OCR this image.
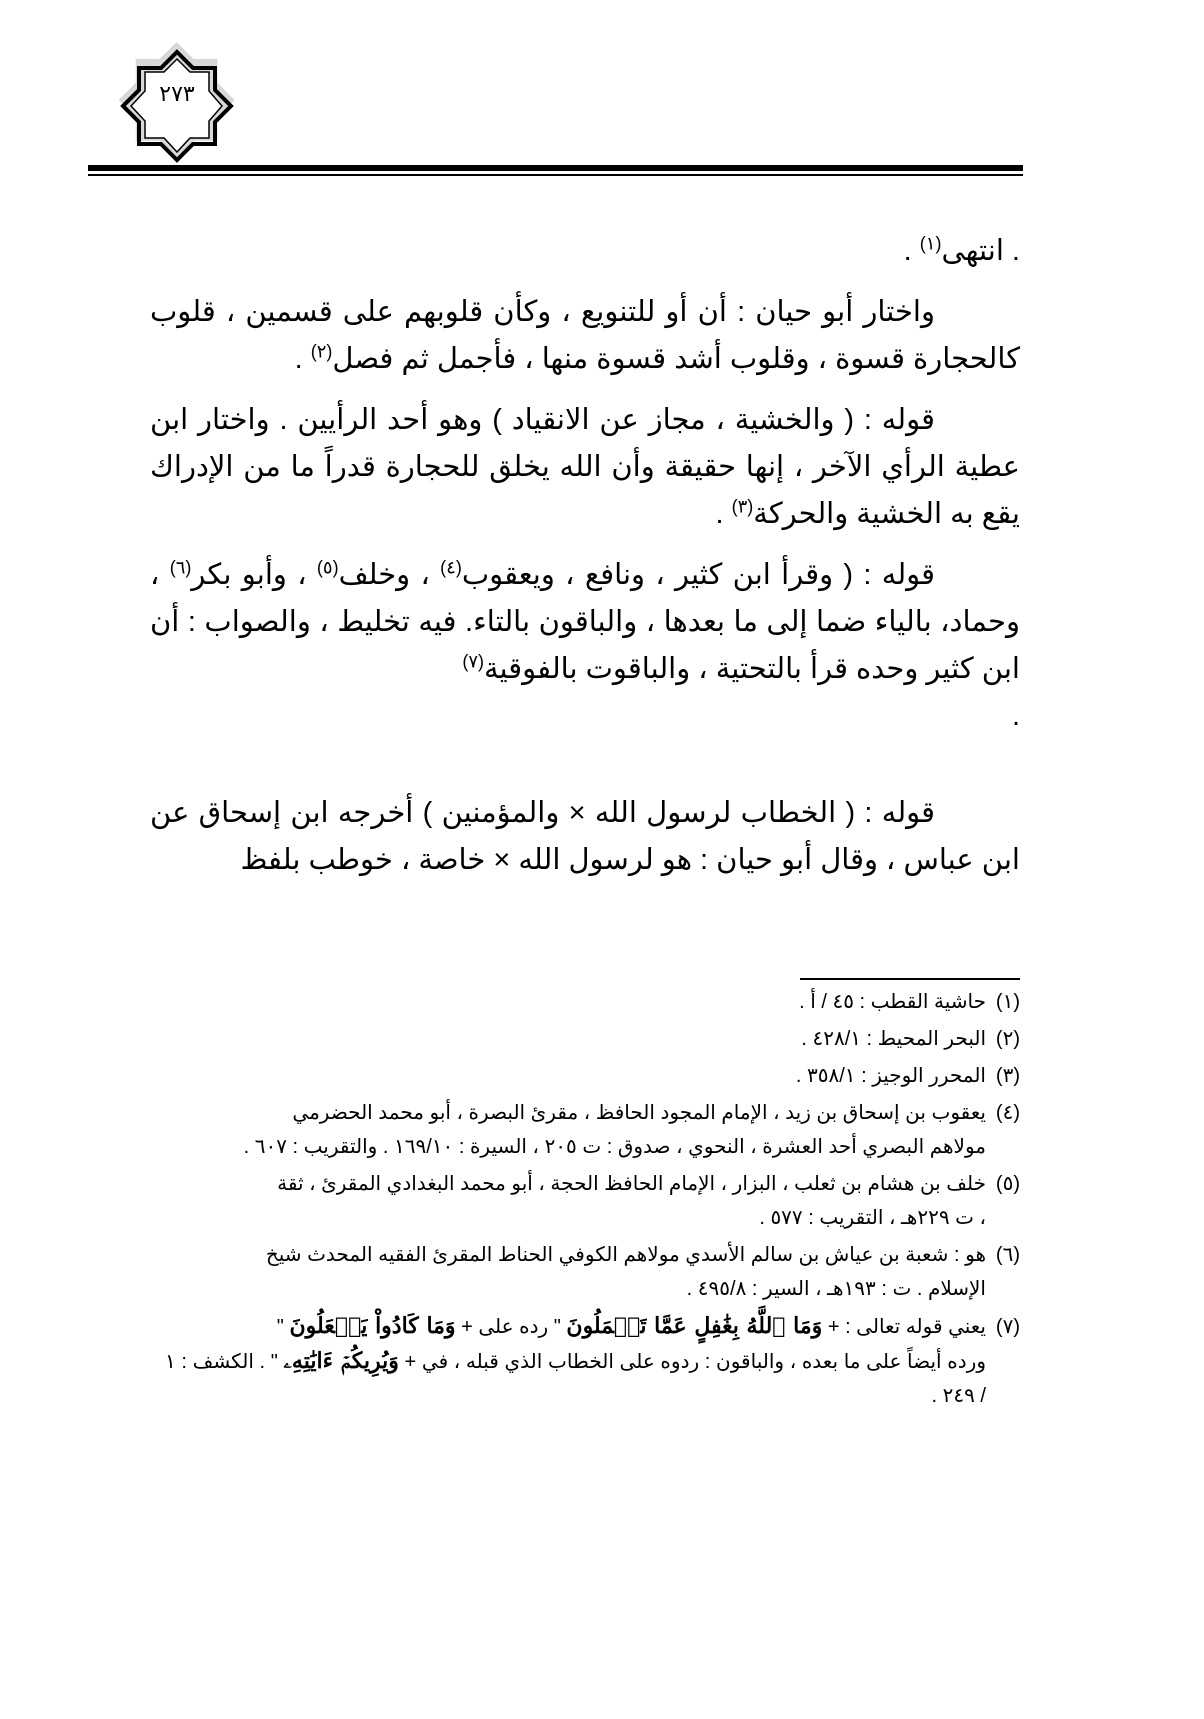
٢٧٣

. انتهى$^{(١)}$ .

واختار أبو حيان : أن أو للتنويع ، وكأن قلوبهم على قسمين ، قلوب كالحجارة قسوة ، وقلوب أشد قسوة منها ، فأجمل ثم فصل$^{(٢)}$ .

قوله : ( والخشية ، مجاز عن الانقياد ) وهو أحد الرأيين . واختار ابن عطية الرأي الآخر ، إنها حقيقة وأن الله يخلق للحجارة قدراً ما من الإدراك يقع به الخشية والحركة$^{(٣)}$ .

قوله : ( وقرأ ابن كثير ، ونافع ، ويعقوب$^{(٤)}$ ، وخلف$^{(٥)}$ ، وأبو بكر$^{(٦)}$ ، وحماد، بالياء ضما إلى ما بعدها ، والباقون بالتاء. فيه تخليط ، والصواب : أن ابن كثير وحده قرأ بالتحتية ، والباقوت بالفوقية$^{(٧)}$
.

قوله : ( الخطاب لرسول الله × والمؤمنين ) أخرجه ابن إسحاق عن ابن عباس ، وقال أبو حيان : هو لرسول الله × خاصة ، خوطب بلفظ

(١)حاشية القطب : ٤٥ / أ .
(٢)البحر المحيط : ٤٢٨/١ .
(٣)المحرر الوجيز : ٣٥٨/١ .
(٤)يعقوب بن إسحاق بن زيد ، الإمام المجود الحافظ ، مقرئ البصرة ، أبو محمد الحضرمي
مولاهم البصري أحد العشرة ، النحوي ، صدوق : ت ٢٠٥ ، السيرة : ١٦٩/١٠ . والتقريب : ٦٠٧ .
(٥)خلف بن هشام بن ثعلب ، البزار ، الإمام الحافظ الحجة ، أبو محمد البغدادي المقرئ ، ثقة
، ت ٢٢٩هـ ، التقريب : ٥٧٧ .
(٦)هو : شعبة بن عياش بن سالم الأسدي مولاهم الكوفي الحناط المقرئ الفقيه المحدث شيخ
الإسلام . ت : ١٩٣هـ ، السير : ٤٩٥/٨ .
(٧)يعني قوله تعالى : + وَمَا ٱللَّهُ بِغَٰفِلٍ عَمَّا تَعۡمَلُونَ " رده على + وَمَا كَادُواْ يَفۡعَلُونَ "
ورده أيضاً على ما بعده ، والباقون : ردوه على الخطاب الذي قبله ، في + وَيُرِيكُمۡ ءَايَٰتِهِۦ " . الكشف : ١ / ٢٤٩ .
